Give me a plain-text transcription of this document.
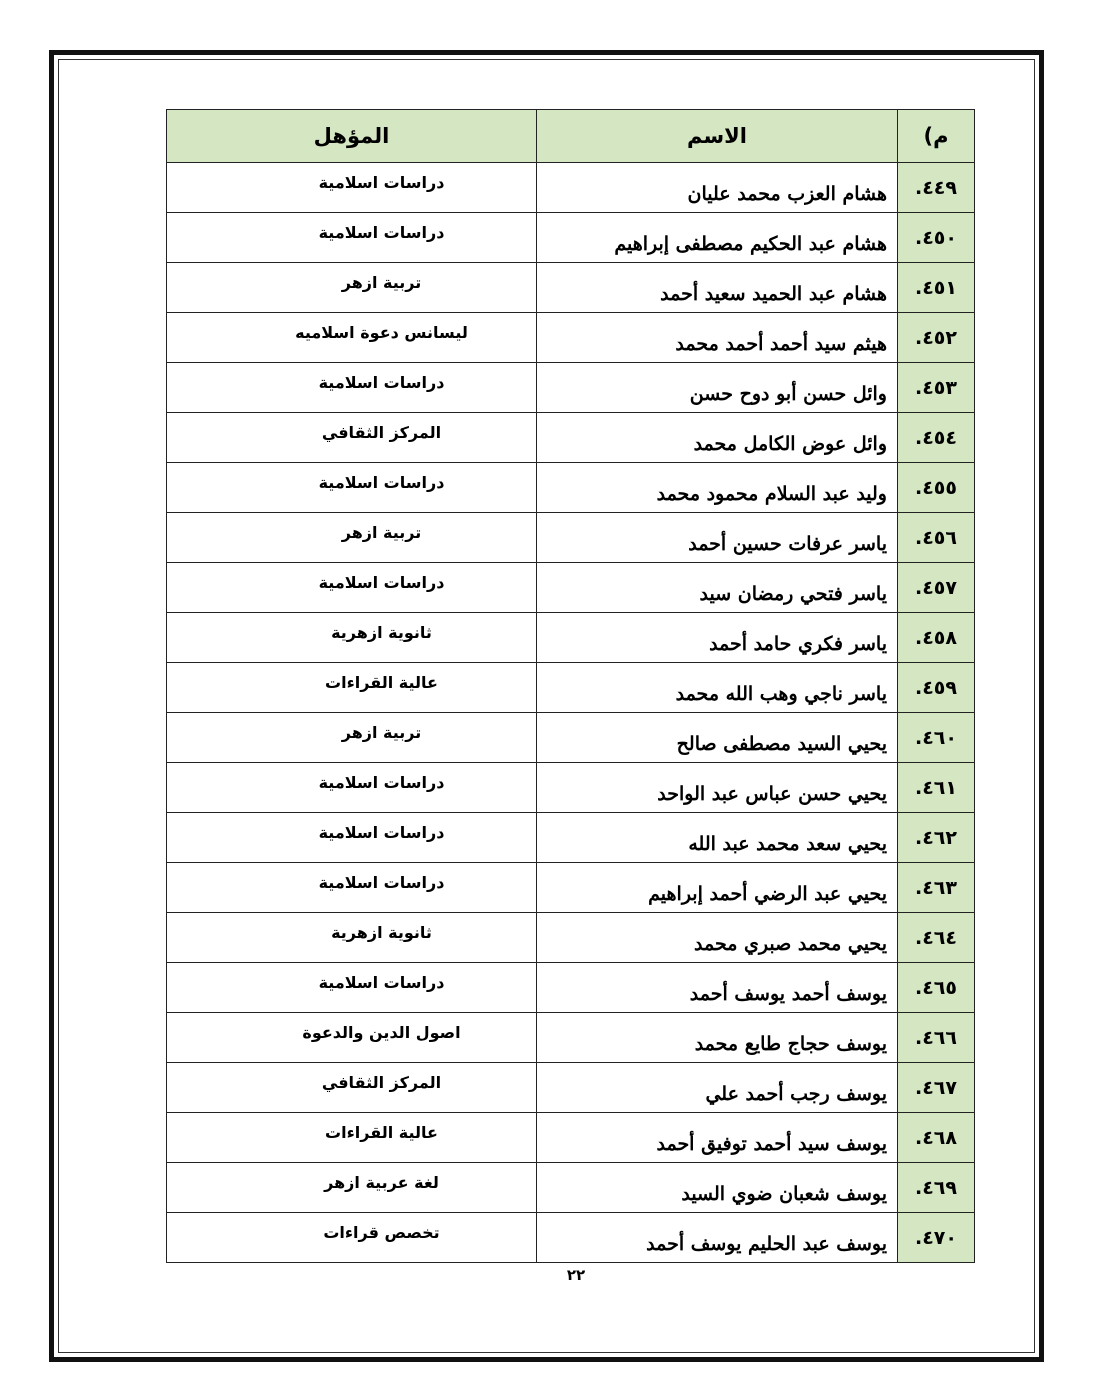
م)	الاسم	المؤهل
٤٤٩.	هشام العزب محمد عليان	دراسات اسلامية
٤٥٠.	هشام عبد الحكيم مصطفى إبراهيم	دراسات اسلامية
٤٥١.	هشام عبد الحميد سعيد أحمد	تربية ازهر
٤٥٢.	هيثم سيد أحمد أحمد محمد	ليسانس دعوة اسلاميه
٤٥٣.	وائل حسن أبو دوح حسن	دراسات اسلامية
٤٥٤.	وائل عوض الكامل محمد	المركز الثقافي
٤٥٥.	وليد عبد السلام محمود محمد	دراسات اسلامية
٤٥٦.	ياسر عرفات حسين أحمد	تربية ازهر
٤٥٧.	ياسر فتحي رمضان سيد	دراسات اسلامية
٤٥٨.	ياسر فكري حامد أحمد	ثانوية ازهرية
٤٥٩.	ياسر ناجي وهب الله محمد	عالية القراءات
٤٦٠.	يحيي السيد مصطفى صالح	تربية ازهر
٤٦١.	يحيي حسن عباس عبد الواحد	دراسات اسلامية
٤٦٢.	يحيي سعد محمد عبد الله	دراسات اسلامية
٤٦٣.	يحيي عبد الرضي أحمد إبراهيم	دراسات اسلامية
٤٦٤.	يحيي محمد صبري محمد	ثانوية ازهرية
٤٦٥.	يوسف أحمد يوسف أحمد	دراسات اسلامية
٤٦٦.	يوسف حجاج طايع محمد	اصول الدين والدعوة
٤٦٧.	يوسف رجب أحمد علي	المركز الثقافي
٤٦٨.	يوسف سيد أحمد توفيق أحمد	عالية القراءات
٤٦٩.	يوسف شعبان ضوي السيد	لغة عربية ازهر
٤٧٠.	يوسف عبد الحليم يوسف أحمد	تخصص قراءات
٢٢
